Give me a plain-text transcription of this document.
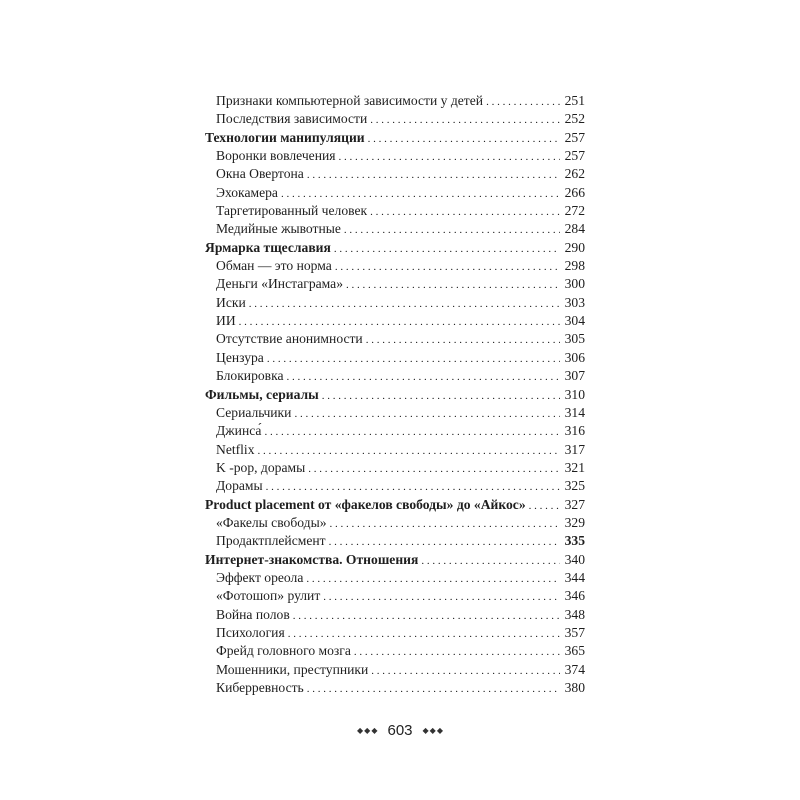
Признаки компьютерной зависимости у детей . . .	251
Последствия зависимости . . .	252
Технологии манипуляции . . .	257
Воронки вовлечения . . .	257
Окна Овертона . . .	262
Эхокамера . . .	266
Таргетированный человек . . .	272
Медийные жывотные . . .	284
Ярмарка тщеславия . . .	290
Обман — это норма . . .	298
Деньги «Инстаграма» . . .	300
Иски . . .	303
ИИ . . .	304
Отсутствие анонимности . . .	305
Цензура . . .	306
Блокировка . . .	307
Фильмы, сериалы . . .	310
Сериальчики . . .	314
Джинса́ . . .	316
Netflix . . .	317
K -pop, дорамы . . .	321
Дорамы . . .	325
Product placement от «факелов свободы» до «Айкос» . . .	327
«Факелы свободы» . . .	329
Продактплейсмент . . .	335
Интернет-знакомства. Отношения . . .	340
Эффект ореола . . .	344
«Фотошоп» рулит . . .	346
Война полов . . .	348
Психология . . .	357
Фрейд головного мозга . . .	365
Мошенники, преступники . . .	374
Киберревность . . .	380
◆ ◆ ◆ 603 ◆ ◆ ◆
